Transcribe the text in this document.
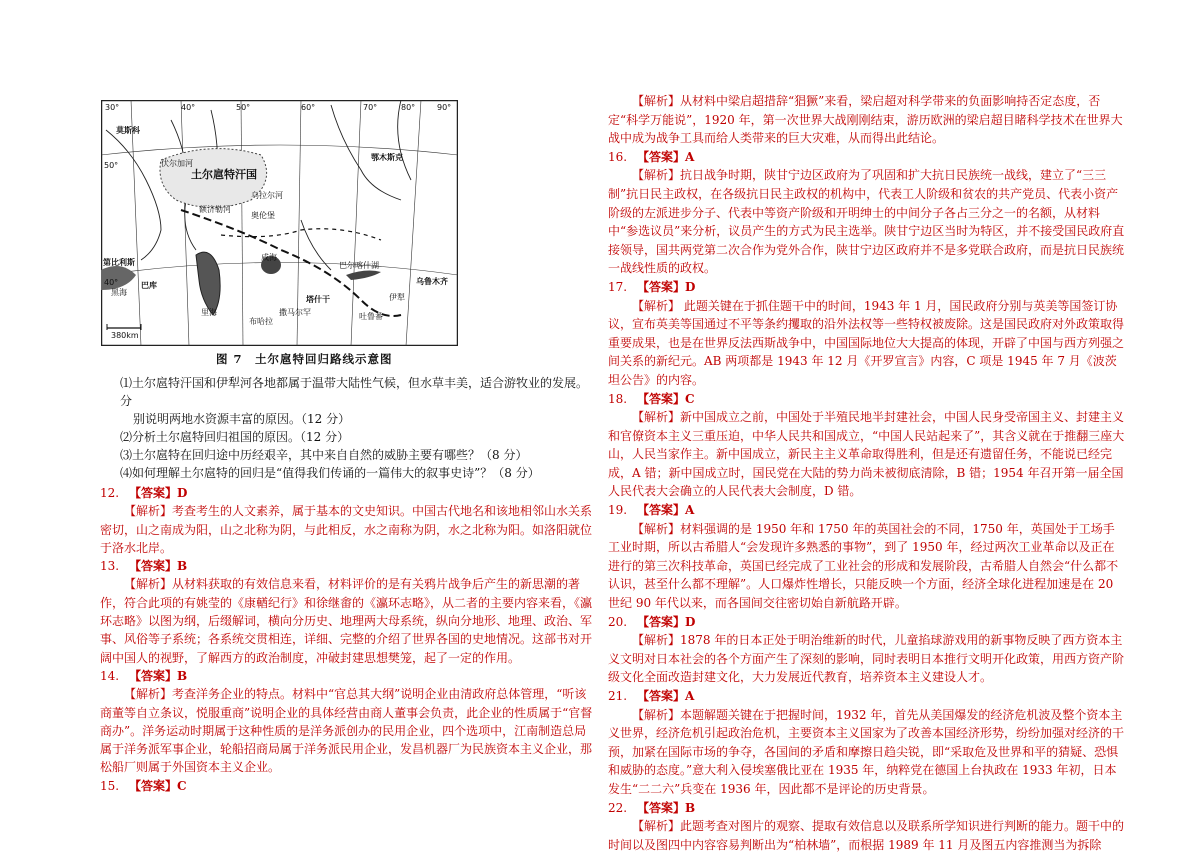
30°	40°	50°	60°	70°	80°	90°
50°
40°
莫斯科
伏尔加河
额济勒河
乌拉尔河
土尔扈特汗国
巴尔喀什湖
伊犁
第比利斯
巴库
塔什干
乌鲁木齐
吐鲁番
撒马尔罕
布哈拉
咸海
里海
黑海
鄂木斯克
奥伦堡
380km
图 7　土尔扈特回归路线示意图

⑴土尔扈特汗国和伊犁河各地都属于温带大陆性气候，但水草丰美，适合游牧业的发展。分

别说明两地水资源丰富的原因。（12 分）

⑵分析土尔扈特回归祖国的原因。（12 分）

⑶土尔扈特在回归途中历经艰辛，其中来自自然的威胁主要有哪些？（8 分）

⑷如何理解土尔扈特的回归是“值得我们传诵的一篇伟大的叙事史诗”？（8 分）

12. 【答案】D

【解析】考查考生的人文素养，属于基本的文史知识。中国古代地名和该地相邻山水关系密切，山之南成为阳，山之北称为阴，与此相反，水之南称为阴，水之北称为阳。如洛阳就位于洛水北岸。

13. 【答案】B

【解析】从材料获取的有效信息来看，材料评价的是有关鸦片战争后产生的新思潮的著作，符合此项的有姚莹的《康輶纪行》和徐继畬的《瀛环志略》，从二者的主要内容来看，《瀛环志略》以图为纲，后缀解词，横向分历史、地理两大母系统，纵向分地形、地理、政治、军事、风俗等子系统；各系统交贯相连，详细、完整的介绍了世界各国的史地情况。这部书对开阔中国人的视野，了解西方的政治制度，冲破封建思想樊笼，起了一定的作用。

14. 【答案】B

【解析】考查洋务企业的特点。材料中“官总其大纲”说明企业由清政府总体管理，“听该商董等自立条议，悦服重商”说明企业的具体经营由商人董事会负责，此企业的性质属于“官督商办”。洋务运动时期属于这种性质的是洋务派创办的民用企业，四个选项中，江南制造总局属于洋务派军事企业，轮船招商局属于洋务派民用企业，发昌机器厂为民族资本主义企业，那松船厂则属于外国资本主义企业。

15. 【答案】C

【解析】从材料中梁启超措辞“猖獗”来看，梁启超对科学带来的负面影响持否定态度，否定“科学万能说”，1920 年，第一次世界大战刚刚结束，游历欧洲的梁启超目睹科学技术在世界大战中成为战争工具而给人类带来的巨大灾难，从而得出此结论。

16. 【答案】A

【解析】抗日战争时期，陕甘宁边区政府为了巩固和扩大抗日民族统一战线，建立了“三三制”抗日民主政权，在各级抗日民主政权的机构中，代表工人阶级和贫农的共产党员、代表小资产阶级的左派进步分子、代表中等资产阶级和开明绅士的中间分子各占三分之一的名额，从材料中“参选议员”来分析，议员产生的方式为民主选举。陕甘宁边区当时为特区，并不接受国民政府直接领导，国共两党第二次合作为党外合作，陕甘宁边区政府并不是多党联合政府，而是抗日民族统一战线性质的政权。

17. 【答案】D

【解析】 此题关键在于抓住题干中的时间，1943 年 1 月，国民政府分别与英美等国签订协议，宣布英美等国通过不平等条约攫取的沿外法权等一些特权被废除。这是国民政府对外政策取得重要成果，也是在世界反法西斯战争中，中国国际地位大大提高的体现，开辟了中国与西方列强之间关系的新纪元。AB 两项都是 1943 年 12 月《开罗宣言》内容，C 项是 1945 年 7 月《波茨坦公告》的内容。

18. 【答案】C

【解析】新中国成立之前，中国处于半殖民地半封建社会，中国人民身受帝国主义、封建主义和官僚资本主义三重压迫，中华人民共和国成立，“中国人民站起来了”，其含义就在于推翻三座大山，人民当家作主。新中国成立，新民主主义革命取得胜利，但是还有遗留任务，不能说已经完成，A 错；新中国成立时，国民党在大陆的势力尚未被彻底清除，B 错；1954 年召开第一届全国人民代表大会确立的人民代表大会制度，D 错。

19. 【答案】A

【解析】材料强调的是 1950 年和 1750 年的英国社会的不同，1750 年，英国处于工场手工业时期，所以古希腊人“会发现许多熟悉的事物”，到了 1950 年，经过两次工业革命以及正在进行的第三次科技革命，英国已经完成了工业社会的形成和发展阶段，古希腊人自然会“什么都不认识，甚至什么都不理解”。人口爆炸性增长，只能反映一个方面，经济全球化进程加速是在 20 世纪 90 年代以来，而各国间交往密切始自新航路开辟。

20. 【答案】D

【解析】1878 年的日本正处于明治维新的时代，儿童掐球游戏用的新事物反映了西方资本主义文明对日本社会的各个方面产生了深刻的影响，同时表明日本推行文明开化政策，用西方资产阶级文化全面改造封建文化，大力发展近代教育，培养资本主义建设人才。

21. 【答案】A

【解析】本题解题关键在于把握时间，1932 年，首先从美国爆发的经济危机波及整个资本主义世界，经济危机引起政治危机，主要资本主义国家为了改善本国经济形势，纷纷加强对经济的干预，加紧在国际市场的争夺，各国间的矛盾和摩擦日趋尖锐，即“采取危及世界和平的猜疑、恐惧和威胁的态度。”意大利入侵埃塞俄比亚在 1935 年，纳粹党在德国上台执政在 1933 年初，日本发生“二二六”兵变在 1936 年，因此都不是评论的历史背景。

22. 【答案】B

【解析】此题考查对图片的观察、提取有效信息以及联系所学知识进行判断的能力。题干中的时间以及图四中内容容易判断出为“柏林墙”，而根据 1989 年 11 月及图五内容推测当为拆除
